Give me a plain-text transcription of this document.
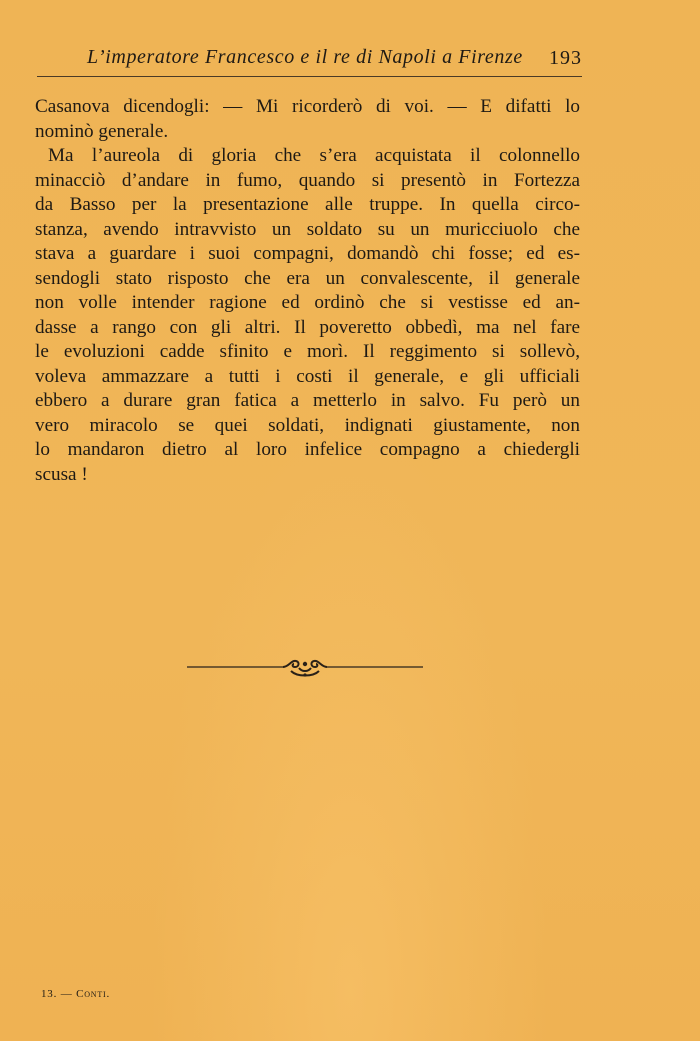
L’imperatore Francesco e il re di Napoli a Firenze 193
Casanova dicendogli: — Mi ricorderò di voi. — E difatti lo
nominò generale.
Ma l’aureola di gloria che s’era acquistata il colonnello
minacciò d’andare in fumo, quando si presentò in Fortezza
da Basso per la presentazione alle truppe. In quella circo-
stanza, avendo intravvisto un soldato su un muricciuolo che
stava a guardare i suoi compagni, domandò chi fosse; ed es-
sendogli stato risposto che era un convalescente, il generale
non volle intender ragione ed ordinò che si vestisse ed an-
dasse a rango con gli altri. Il poveretto obbedì, ma nel fare
le evoluzioni cadde sfinito e morì. Il reggimento si sollevò,
voleva ammazzare a tutti i costi il generale, e gli ufficiali
ebbero a durare gran fatica a metterlo in salvo. Fu però un
vero miracolo se quei soldati, indignati giustamente, non
lo mandaron dietro al loro infelice compagno a chiedergli
scusa !
13. — Conti.
